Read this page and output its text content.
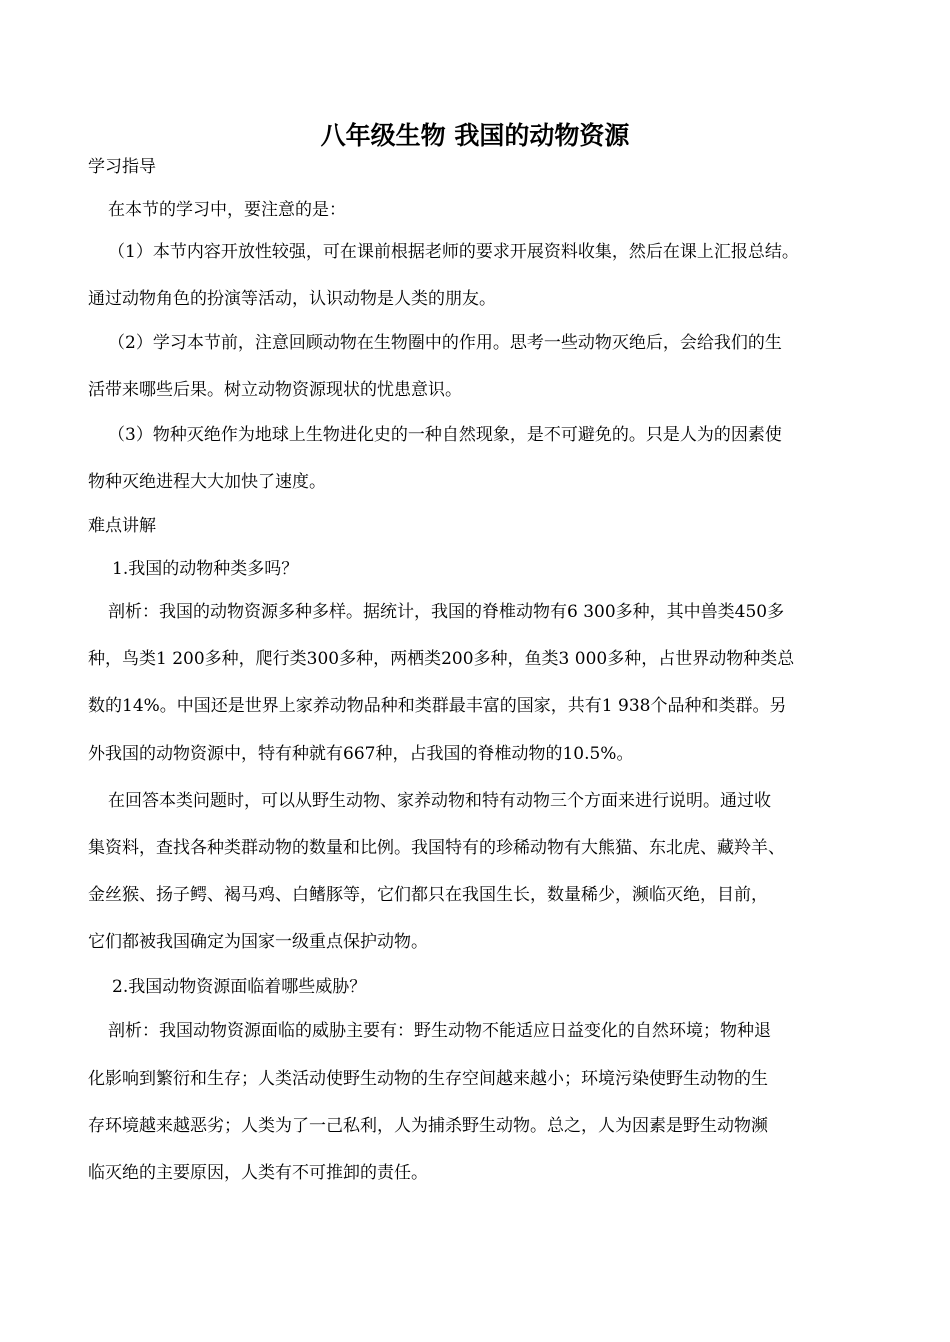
八年级生物 我国的动物资源

学习指导

在本节的学习中，要注意的是：

（1）本节内容开放性较强，可在课前根据老师的要求开展资料收集，然后在课上汇报总结。

通过动物角色的扮演等活动，认识动物是人类的朋友。

（2）学习本节前，注意回顾动物在生物圈中的作用。思考一些动物灭绝后，会给我们的生

活带来哪些后果。树立动物资源现状的忧患意识。

（3）物种灭绝作为地球上生物进化史的一种自然现象，是不可避免的。只是人为的因素使

物种灭绝进程大大加快了速度。

难点讲解

1.我国的动物种类多吗？

剖析：我国的动物资源多种多样。据统计，我国的脊椎动物有6 300多种，其中兽类450多

种，鸟类1 200多种，爬行类300多种，两栖类200多种，鱼类3 000多种，占世界动物种类总

数的14%。中国还是世界上家养动物品种和类群最丰富的国家，共有1 938个品种和类群。另

外我国的动物资源中，特有种就有667种，占我国的脊椎动物的10.5%。

在回答本类问题时，可以从野生动物、家养动物和特有动物三个方面来进行说明。通过收

集资料，查找各种类群动物的数量和比例。我国特有的珍稀动物有大熊猫、东北虎、藏羚羊、

金丝猴、扬子鳄、褐马鸡、白鳍豚等，它们都只在我国生长，数量稀少，濒临灭绝，目前，

它们都被我国确定为国家一级重点保护动物。

2.我国动物资源面临着哪些威胁？

剖析：我国动物资源面临的威胁主要有：野生动物不能适应日益变化的自然环境；物种退

化影响到繁衍和生存；人类活动使野生动物的生存空间越来越小；环境污染使野生动物的生

存环境越来越恶劣；人类为了一己私利，人为捕杀野生动物。总之，人为因素是野生动物濒

临灭绝的主要原因，人类有不可推卸的责任。
